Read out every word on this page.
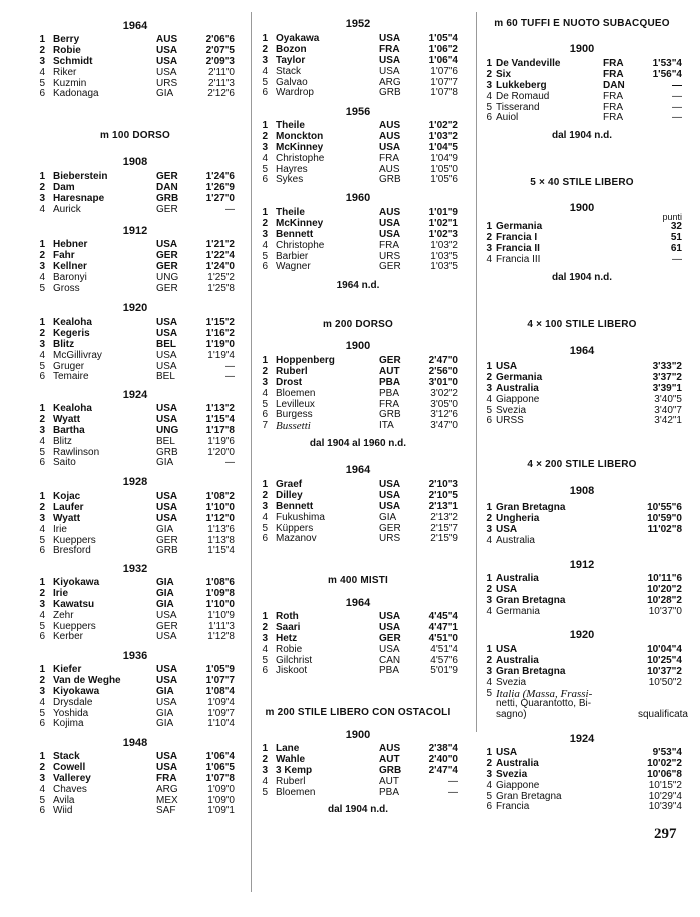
1964
1 Berry	AUS	2'06"6
2 Robie	USA	2'07"5
3 Schmidt	USA	2'09"3
4 Riker	USA	2'11"0
5 Kuzmin	URS	2'11"3
6 Kadonaga	GIA	2'12"6
m 100 DORSO
1908
1 Bieberstein	GER	1'24"6
2 Dam	DAN	1'26"9
3 Haresnape	GRB	1'27"0
4 Aurick	GER	—
1912
1 Hebner	USA	1'21"2
2 Fahr	GER	1'22"4
3 Kellner	GER	1'24"0
4 Baronyi	UNG	1'25"2
5 Gross	GER	1'25"8
1920
1 Kealoha	USA	1'15"2
2 Kegeris	USA	1'16"2
3 Blitz	BEL	1'19"0
4 McGillivray	USA	1'19"4
5 Gruger	USA	—
6 Temaire	BEL	—
1924
1 Kealoha	USA	1'13"2
2 Wyatt	USA	1'15"4
3 Bartha	UNG	1'17"8
4 Blitz	BEL	1'19"6
5 Rawlinson	GRB	1'20"0
6 Saito	GIA	—
1928
1 Kojac	USA	1'08"2
2 Laufer	USA	1'10"0
3 Wyatt	USA	1'12"0
4 Irie	GIA	1'13"6
5 Kueppers	GER	1'13"8
6 Bresford	GRB	1'15"4
1932
1 Kiyokawa	GIA	1'08"6
2 Irie	GIA	1'09"8
3 Kawatsu	GIA	1'10"0
4 Zehr	USA	1'10"9
5 Kueppers	GER	1'11"3
6 Kerber	USA	1'12"8
1936
1 Kiefer	USA	1'05"9
2 Van de Weghe	USA	1'07"7
3 Kiyokawa	GIA	1'08"4
4 Drysdale	USA	1'09"4
5 Yoshida	GIA	1'09"7
6 Kojima	GIA	1'10"4
1948
1 Stack	USA	1'06"4
2 Cowell	USA	1'06"5
3 Vallerey	FRA	1'07"8
4 Chaves	ARG	1'09"0
5 Avila	MEX	1'09"0
6 Wiid	SAF	1'09"1
1952
1 Oyakawa	USA	1'05"4
2 Bozon	FRA	1'06"2
3 Taylor	USA	1'06"4
4 Stack	USA	1'07"6
5 Galvao	ARG	1'07"7
6 Wardrop	GRB	1'07"8
1956
1 Theile	AUS	1'02"2
2 Monckton	AUS	1'03"2
3 McKinney	USA	1'04"5
4 Christophe	FRA	1'04"9
5 Hayres	AUS	1'05"0
6 Sykes	GRB	1'05"6
1960
1 Theile	AUS	1'01"9
2 McKinney	USA	1'02"1
3 Bennett	USA	1'02"3
4 Christophe	FRA	1'03"2
5 Barbier	URS	1'03"5
6 Wagner	GER	1'03"5
1964 n.d.
m 200 DORSO
1900
1 Hoppenberg	GER	2'47"0
2 Ruberl	AUT	2'56"0
3 Drost	PBA	3'01"0
4 Bloemen	PBA	3'02"2
5 Levilleux	FRA	3'05"0
6 Burgess	GRB	3'12"6
7 Bussetti	ITA	3'47"0
dal 1904 al 1960 n.d.
1964
1 Graef	USA	2'10"3
2 Dilley	USA	2'10"5
3 Bennett	USA	2'13"1
4 Fukushima	GIA	2'13"2
5 Küppers	GER	2'15"7
6 Mazanov	URS	2'15"9
m 400 MISTI
1964
1 Roth	USA	4'45"4
2 Saari	USA	4'47"1
3 Hetz	GER	4'51"0
4 Robie	USA	4'51"4
5 Gilchrist	CAN	4'57"6
6 Jiskoot	PBA	5'01"9
m 200 STILE LIBERO CON OSTACOLI
1900
1 Lane	AUS	2'38"4
2 Wahle	AUT	2'40"0
3 3 Kemp	GRB	2'47"4
4 Ruberl	AUT	—
5 Bloemen	PBA	—
dal 1904 n.d.
m 60 TUFFI E NUOTO SUBACQUEO
1900
1 De Vandeville	FRA	1'53"4
2 Six	FRA	1'56"4
3 Lukkeberg	DAN	—
4 De Romaud	FRA	—
5 Tisserand	FRA	—
6 Auiol	FRA	—
dal 1904 n.d.
5 × 40 STILE LIBERO
1900
punti
1 Germania	32
2 Francia I	51
3 Francia II	61
4 Francia III	—
dal 1904 n.d.
4 × 100 STILE LIBERO
1964
1 USA	3'33"2
2 Germania	3'37"2
3 Australia	3'39"1
4 Giappone	3'40"5
5 Svezia	3'40"7
6 URSS	3'42"1
4 × 200 STILE LIBERO
1908
1 Gran Bretagna	10'55"6
2 Ungheria	10'59"0
3 USA	11'02"8
4 Australia
1912
1 Australia	10'11"6
2 USA	10'20"2
3 Gran Bretagna	10'28"2
4 Germania	10'37"0
1920
1 USA	10'04"4
2 Australia	10'25"4
3 Gran Bretagna	10'37"2
4 Svezia	10'50"2
5 Italia (Massa, Frassi-
netti, Quarantotto, Bi-
sagno)	squalificata
1924
1 USA	9'53"4
2 Australia	10'02"2
3 Svezia	10'06"8
4 Giappone	10'15"2
5 Gran Bretagna	10'29"4
6 Francia	10'39"4
297
